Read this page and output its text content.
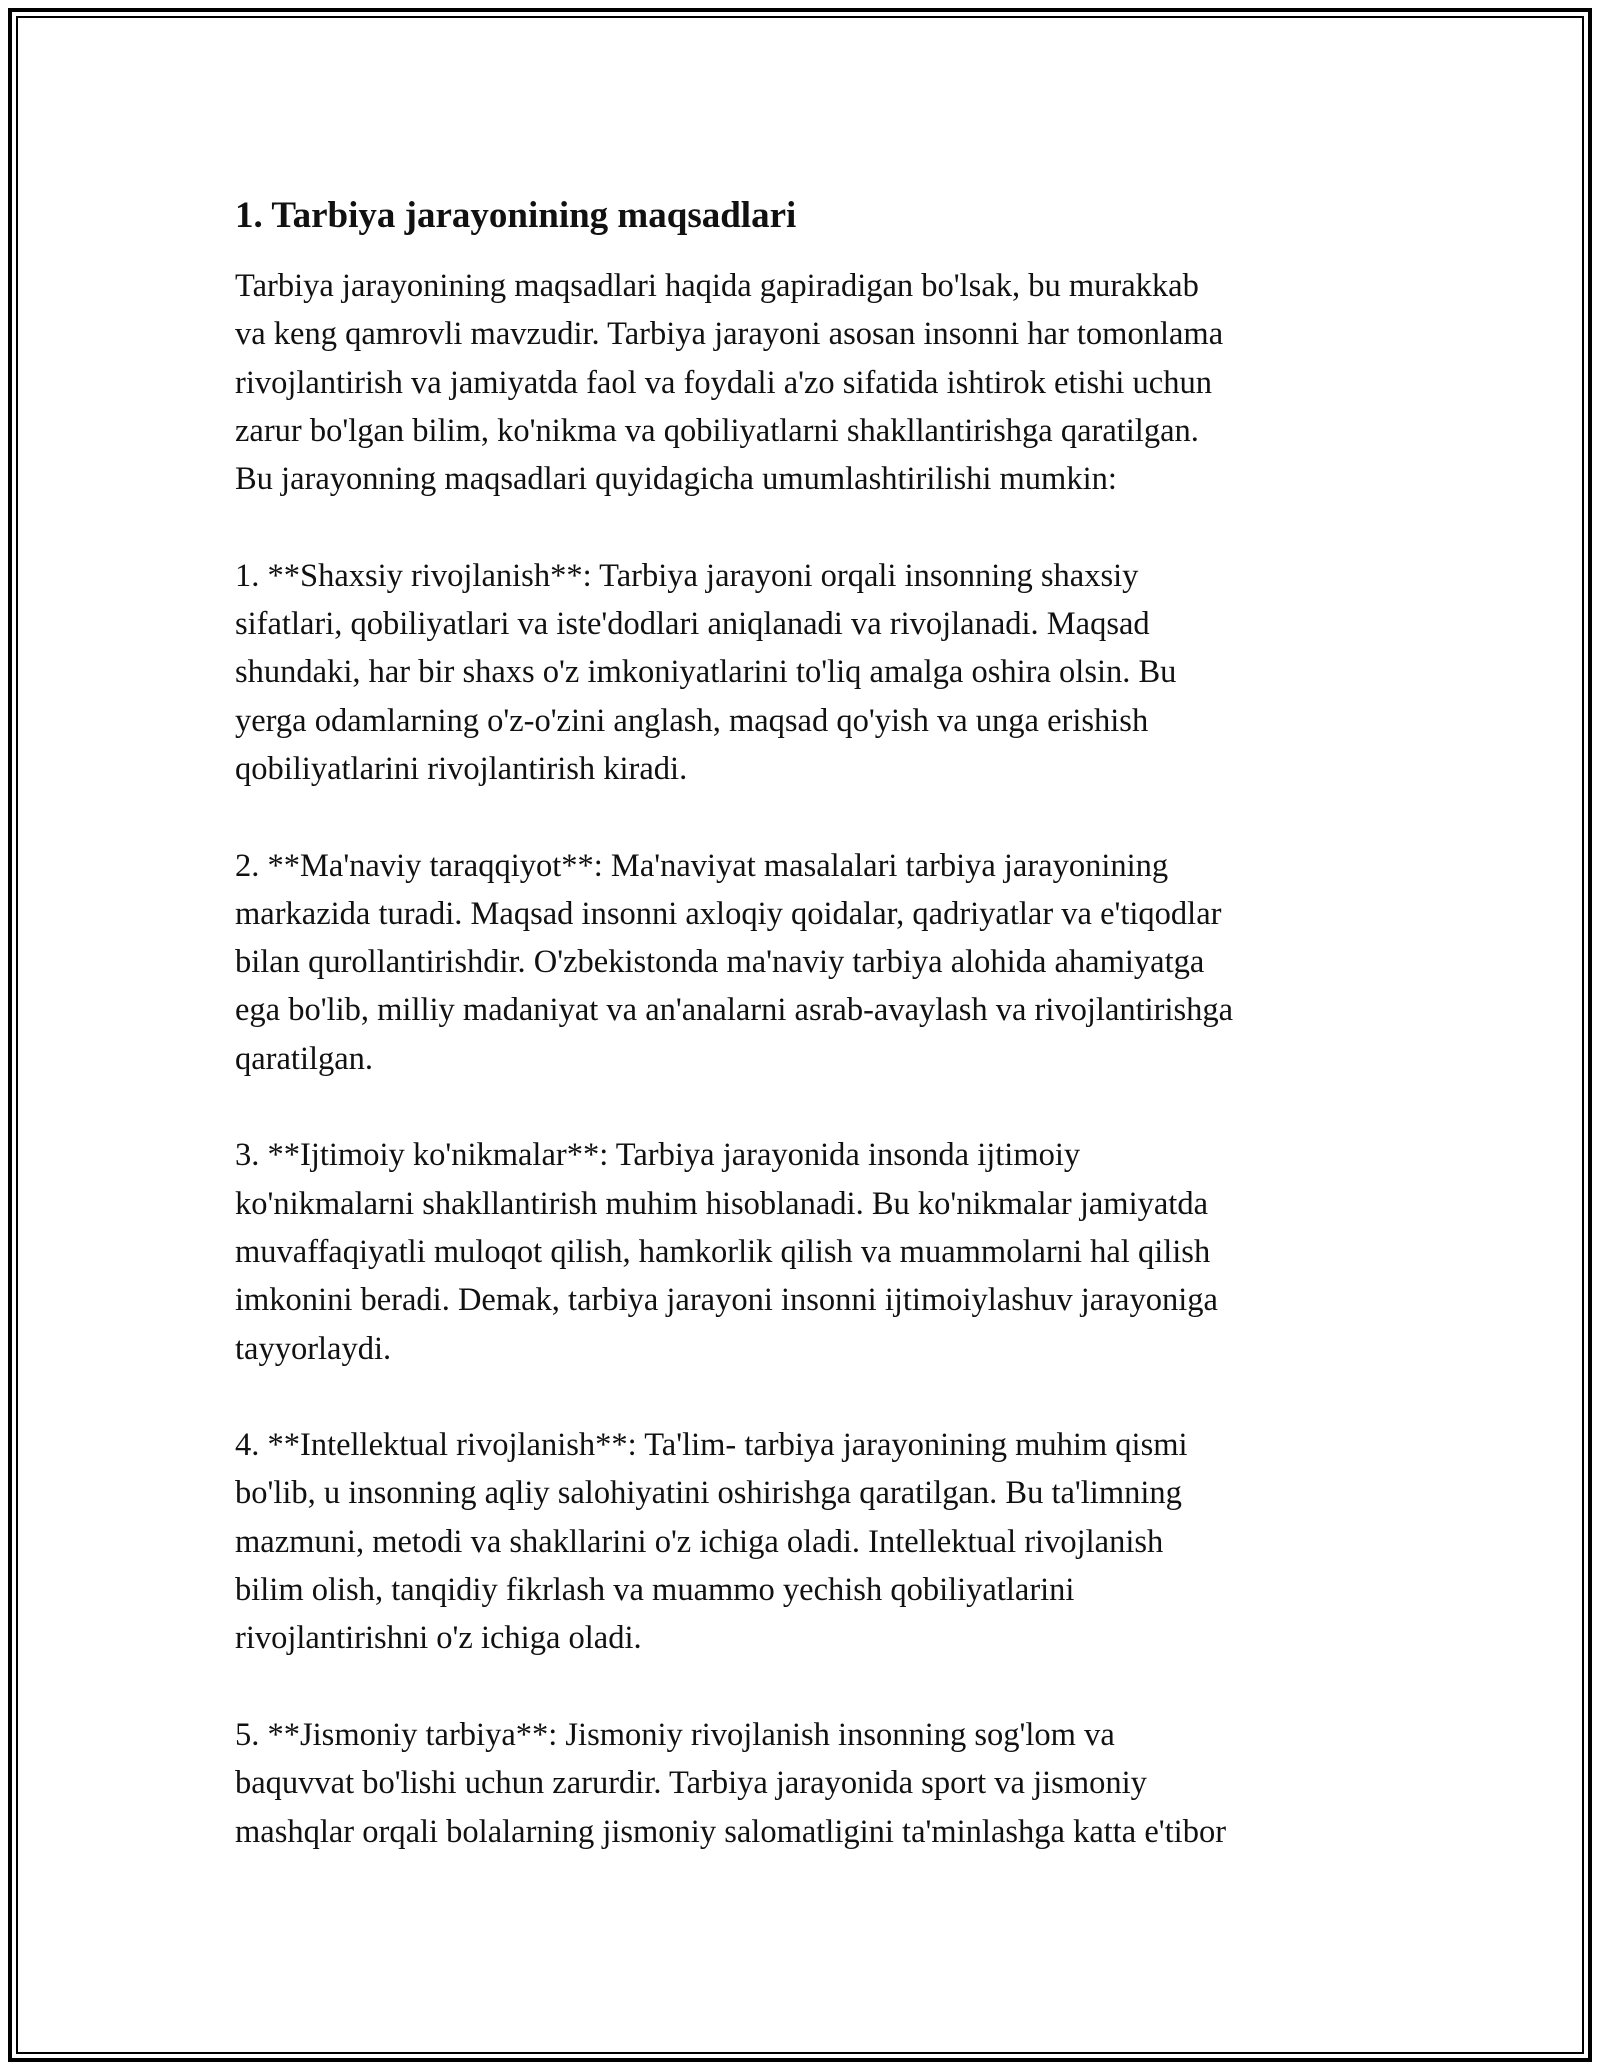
1. Tarbiya jarayonining maqsadlari

Tarbiya jarayonining maqsadlari haqida gapiradigan bo'lsak, bu murakkab
va keng qamrovli mavzudir. Tarbiya jarayoni asosan insonni har tomonlama
rivojlantirish va jamiyatda faol va foydali a'zo sifatida ishtirok etishi uchun
zarur bo'lgan bilim, ko'nikma va qobiliyatlarni shakllantirishga qaratilgan.
Bu jarayonning maqsadlari quyidagicha umumlashtirilishi mumkin:

1. **Shaxsiy rivojlanish**: Tarbiya jarayoni orqali insonning shaxsiy
sifatlari, qobiliyatlari va iste'dodlari aniqlanadi va rivojlanadi. Maqsad
shundaki, har bir shaxs o'z imkoniyatlarini to'liq amalga oshira olsin. Bu
yerga odamlarning o'z-o'zini anglash, maqsad qo'yish va unga erishish
qobiliyatlarini rivojlantirish kiradi.

2. **Ma'naviy taraqqiyot**: Ma'naviyat masalalari tarbiya jarayonining
markazida turadi. Maqsad insonni axloqiy qoidalar, qadriyatlar va e'tiqodlar
bilan qurollantirishdir. O'zbekistonda ma'naviy tarbiya alohida ahamiyatga
ega bo'lib, milliy madaniyat va an'analarni asrab-avaylash va rivojlantirishga
qaratilgan.

3. **Ijtimoiy ko'nikmalar**: Tarbiya jarayonida insonda ijtimoiy
ko'nikmalarni shakllantirish muhim hisoblanadi. Bu ko'nikmalar jamiyatda
muvaffaqiyatli muloqot qilish, hamkorlik qilish va muammolarni hal qilish
imkonini beradi. Demak, tarbiya jarayoni insonni ijtimoiylashuv jarayoniga
tayyorlaydi.

4. **Intellektual rivojlanish**: Ta'lim- tarbiya jarayonining muhim qismi
bo'lib, u insonning aqliy salohiyatini oshirishga qaratilgan. Bu ta'limning
mazmuni, metodi va shakllarini o'z ichiga oladi. Intellektual rivojlanish
bilim olish, tanqidiy fikrlash va muammo yechish qobiliyatlarini
rivojlantirishni o'z ichiga oladi.

5. **Jismoniy tarbiya**: Jismoniy rivojlanish insonning sog'lom va
baquvvat bo'lishi uchun zarurdir. Tarbiya jarayonida sport va jismoniy
mashqlar orqali bolalarning jismoniy salomatligini ta'minlashga katta e'tibor
